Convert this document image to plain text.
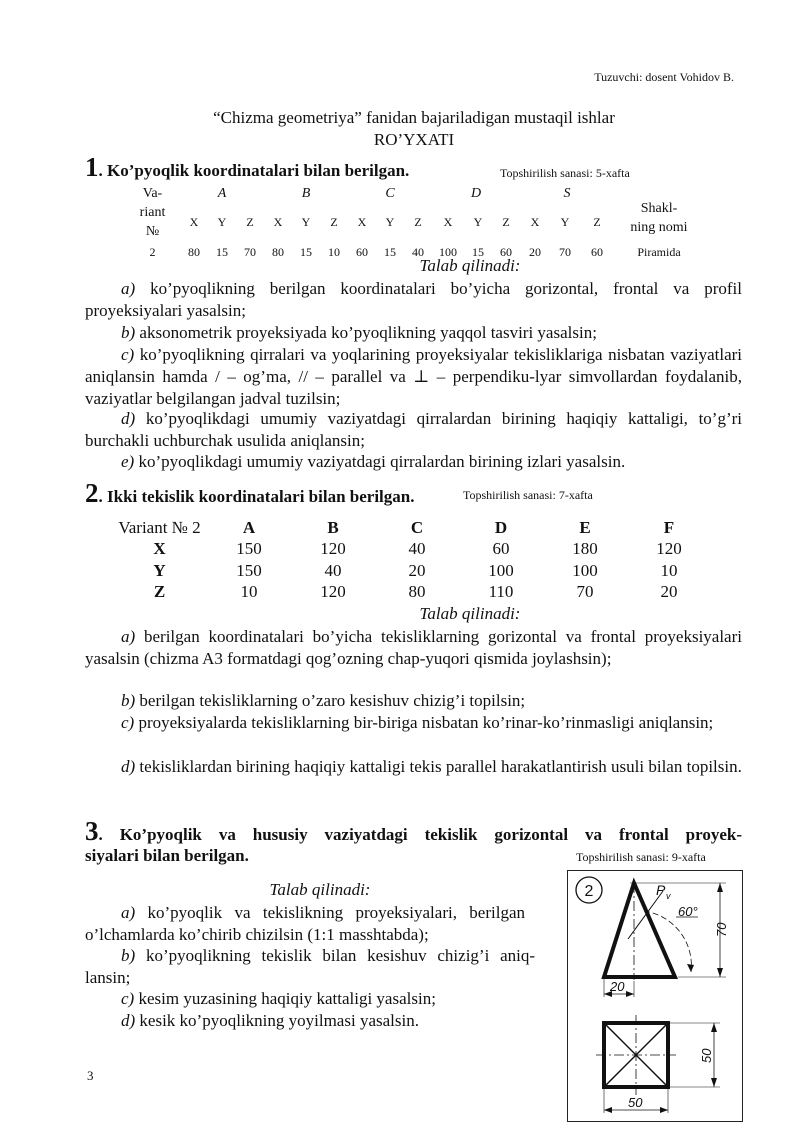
Tuzuvchi: dosent Vohidov B.
“Chizma geometriya” fanidan bajariladigan mustaqil ishlar
RO’YXATI
1. Ko’pyoqlik koordinatalari bilan berilgan.	Topshirilish sanasi: 5-xafta
Va-
riant
№	A			B			C			D			S			Shakl-
ning nomi
	X	Y	Z	X	Y	Z	X	Y	Z	X	Y	Z	X	Y	Z	
2	80	15	70	80	15	10	60	15	40	100	15	60	20	70	60	Piramida
Talab qilinadi:
a) ko’pyoqlikning berilgan koordinatalari bo’yicha gorizontal, frontal va profil proyeksiyalari yasalsin;
b) aksonometrik proyeksiyada ko’pyoqlikning yaqqol tasviri yasalsin;
c) ko’pyoqlikning qirralari va yoqlarining proyeksiyalar tekisliklariga nisbatan vaziyatlari aniqlansin hamda / – og’ma, // – parallel va ⊥ – perpendiku-lyar simvollardan foydalanib, vaziyatlar belgilangan jadval tuzilsin;
d) ko’pyoqlikdagi umumiy vaziyatdagi qirralardan birining haqiqiy kattaligi, to’g’ri burchakli uchburchak usulida aniqlansin;
e) ko’pyoqlikdagi umumiy vaziyatdagi qirralardan birining izlari yasalsin.
2. Ikki tekislik koordinatalari bilan berilgan.	Topshirilish sanasi: 7-xafta
Variant № 2	A	B	C	D	E	F
X	150	120	40	60	180	120
Y	150	40	20	100	100	10
Z	10	120	80	110	70	20
Talab qilinadi:
a) berilgan koordinatalari bo’yicha tekisliklarning gorizontal va frontal proyeksiyalari yasalsin (chizma A3 formatdagi qog’ozning chap-yuqori qismida joylashsin);
b) berilgan tekisliklarning o’zaro kesishuv chizig’i topilsin;
c) proyeksiyalarda tekisliklarning bir-biriga nisbatan ko’rinar-ko’rinmasligi aniqlansin;
d) tekisliklardan birining haqiqiy kattaligi tekis parallel harakatlantirish usuli bilan topilsin.
3. Ko’pyoqlik va hususiy vaziyatdagi tekislik gorizontal va frontal proyek-
siyalari bilan berilgan.	Topshirilish sanasi: 9-xafta
Talab qilinadi:
a) ko’pyoqlik va tekislikning proyeksiyalari, berilgan o’lchamlarda ko’chirib chizilsin (1:1 masshtabda);
b) ko’pyoqlikning tekislik bilan kesishuv chizig’i aniq-lansin;
c) kesim yuzasining haqiqiy kattaligi yasalsin;
d) kesik ko’pyoqlikning yoyilmasi yasalsin.
2	P v
60°
70
20
50
50
3
